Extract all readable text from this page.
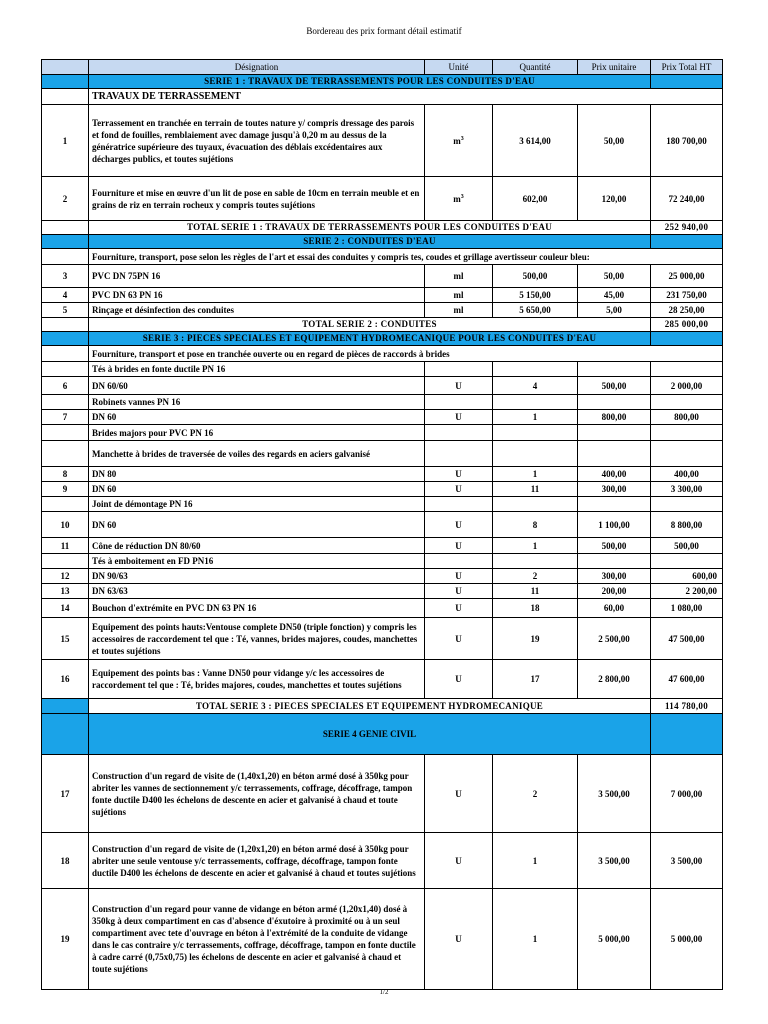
Bordereau des prix formant détail estimatif
	Désignation	Unité	Quantité	Prix unitaire	Prix Total HT
	SERIE 1 : TRAVAUX DE TERRASSEMENTS POUR LES CONDUITES D'EAU				
	TRAVAUX DE TERRASSEMENT				
1	Terrassement en tranchée en terrain de toutes nature y/ compris dressage des parois et fond de fouilles, remblaiement avec damage jusqu'à 0,20 m au dessus de la génératrice supérieure des tuyaux, évacuation des déblais excédentaires aux décharges publics, et toutes sujétions	$m^3$	3 614,00	50,00	180 700,00
2	Fourniture et mise en œuvre d'un lit de pose en sable de 10cm en terrain meuble et en grains de riz en terrain rocheux y compris toutes sujétions	$m^3$	602,00	120,00	72 240,00
	TOTAL SERIE 1 : TRAVAUX DE TERRASSEMENTS POUR LES CONDUITES D'EAU				252 940,00
	SERIE 2 : CONDUITES D'EAU				
	Fourniture, transport, pose selon les règles de l'art et essai des conduites y compris tes, coudes et grillage avertisseur couleur bleu:				
3	PVC DN 75PN 16	ml	500,00	50,00	25 000,00
4	PVC DN 63 PN 16	ml	5 150,00	45,00	231 750,00
5	Rinçage et désinfection des conduites	ml	5 650,00	5,00	28 250,00
	TOTAL SERIE 2 : CONDUITES				285 000,00
	SERIE 3 : PIECES SPECIALES ET EQUIPEMENT HYDROMECANIQUE POUR LES CONDUITES D'EAU				
	Fourniture, transport et pose en tranchée ouverte ou en regard de pièces de raccords à brides				
	Tés à brides en fonte ductile PN 16				
6	DN 60/60	U	4	500,00	2 000,00
	Robinets vannes PN 16				
7	DN 60	U	1	800,00	800,00
	Brides majors pour PVC PN 16				
	Manchette à brides de traversée de voiles des regards en aciers galvanisé				
8	DN 80	U	1	400,00	400,00
9	DN 60	U	11	300,00	3 300,00
	Joint de démontage PN 16				
10	DN 60	U	8	1 100,00	8 800,00
11	Cône de réduction DN 80/60	U	1	500,00	500,00
	Tés à emboitement en FD PN16				
12	DN 90/63	U	2	300,00	600,00
13	DN 63/63	U	11	200,00	2 200,00
14	Bouchon d'extrémite en PVC DN 63 PN 16	U	18	60,00	1 080,00
15	Equipement des points hauts:Ventouse complete DN50 (triple fonction) y compris les accessoires de raccordement tel que : Té, vannes, brides majores, coudes, manchettes et toutes sujétions	U	19	2 500,00	47 500,00
16	Equipement des points bas : Vanne DN50 pour vidange y/c les accessoires de raccordement tel que : Té, brides majores, coudes, manchettes et toutes sujétions	U	17	2 800,00	47 600,00
	TOTAL SERIE 3 : PIECES SPECIALES ET EQUIPEMENT HYDROMECANIQUE				114 780,00
	SERIE 4 GENIE CIVIL				
17	Construction d'un regard de visite de (1,40x1,20) en béton armé dosé à 350kg pour abriter les vannes de sectionnement y/c terrassements, coffrage, décoffrage, tampon fonte ductile D400 les échelons de descente en acier et galvanisé à chaud et toute sujétions	U	2	3 500,00	7 000,00
18	Construction d'un regard de visite de (1,20x1,20) en béton armé dosé à 350kg pour abriter une seule ventouse y/c terrassements, coffrage, décoffrage, tampon fonte ductile D400 les échelons de descente en acier et galvanisé à chaud et toutes sujétions	U	1	3 500,00	3 500,00
19	Construction d'un regard pour vanne de vidange en béton armé (1,20x1,40) dosé à 350kg à deux compartiment en cas d'absence d'éxutoire à proximité ou à un seul compartiment avec tete d'ouvrage en béton à l'extrémité de la conduite de vidange dans le cas contraire y/c terrassements, coffrage, décoffrage, tampon en fonte ductile à cadre carré (0,75x0,75) les échelons de descente en acier et galvanisé à chaud et toute sujétions	U	1	5 000,00	5 000,00
1/2
